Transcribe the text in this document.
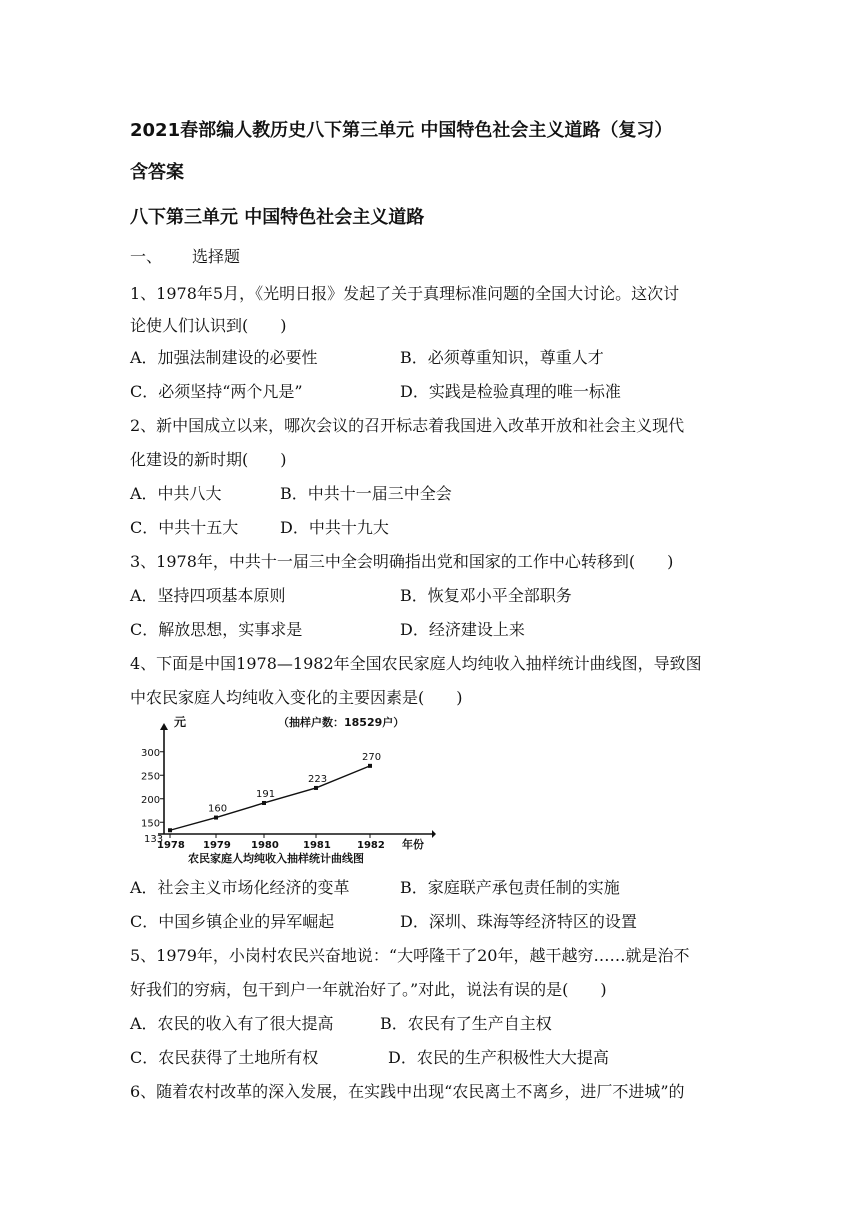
2021春部编人教历史八下第三单元 中国特色社会主义道路（复习）
含答案
八下第三单元 中国特色社会主义道路
一、 选择题
1、1978年5月，《光明日报》发起了关于真理标准问题的全国大讨论。这次讨
论使人们认识到(　　)
A．加强法制建设的必要性	B．必须尊重知识，尊重人才
C．必须坚持“两个凡是”	D．实践是检验真理的唯一标准
2、新中国成立以来，哪次会议的召开标志着我国进入改革开放和社会主义现代
化建设的新时期(　　)
A．中共八大	B．中共十一届三中全会
C．中共十五大	D．中共十九大
3、1978年，中共十一届三中全会明确指出党和国家的工作中心转移到(　　)
A．坚持四项基本原则	B．恢复邓小平全部职务
C．解放思想，实事求是	D．经济建设上来
4、下面是中国1978—1982年全国农民家庭人均纯收入抽样统计曲线图，导致图
中农民家庭人均纯收入变化的主要因素是(　　)
元	（抽样户数：18529户）
150
200
250
300
1978 1979 1980 1981	1982
133
160
191
223
270
年份
农民家庭人均纯收入抽样统计曲线图
A．社会主义市场化经济的变革	B．家庭联产承包责任制的实施
C．中国乡镇企业的异军崛起	D．深圳、珠海等经济特区的设置
5、1979年，小岗村农民兴奋地说：“大呼隆干了20年，越干越穷……就是治不
好我们的穷病，包干到户一年就治好了。”对此，说法有误的是(　　)
A．农民的收入有了很大提高	B．农民有了生产自主权
C．农民获得了土地所有权	D．农民的生产积极性大大提高
6、随着农村改革的深入发展，在实践中出现“农民离土不离乡，进厂不进城”的
